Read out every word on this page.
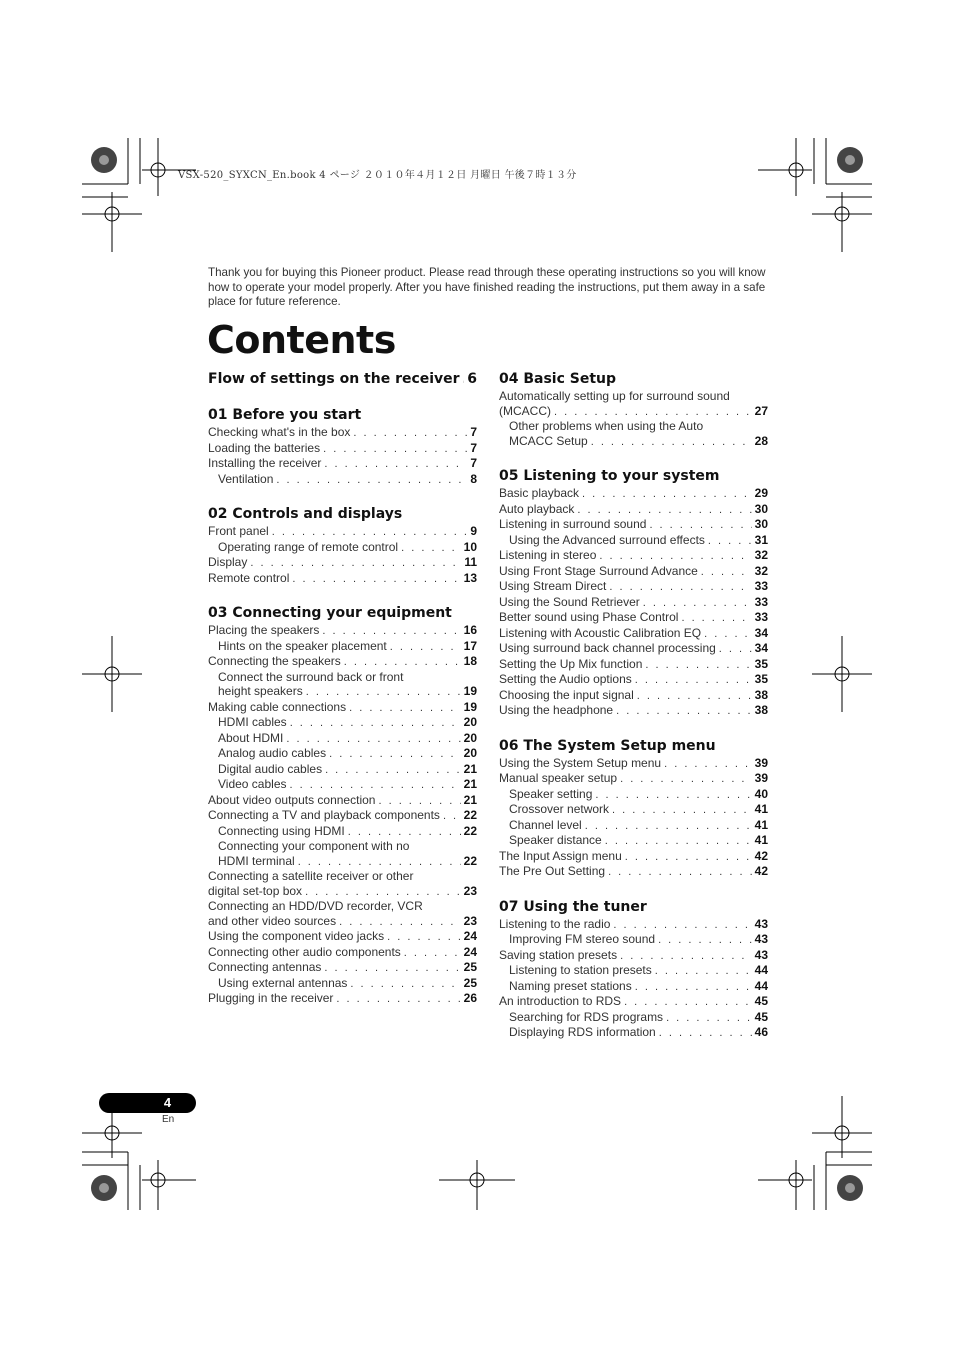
VSX-520_SYXCN_En.book 4 ページ ２０１０年４月１２日 月曜日 午後７時１３分

Thank you for buying this Pioneer product. Please read through these operating instructions so you will know how to operate your model properly. After you have finished reading the instructions, put them away in a safe place for future reference.

Contents
Flow of settings on the receiver . . . 6
01 Before you start
Checking what's in the box . . .	7
Loading the batteries . . .	7
Installing the receiver . . .	7
Ventilation . . .	8
02 Controls and displays
Front panel . . .	9
Operating range of remote control . . .	10
Display . . .	11
Remote control . . .	13
03 Connecting your equipment
Placing the speakers . . .	16
Hints on the speaker placement . . .	17
Connecting the speakers . . .	18
Connect the surround back or front
height speakers . . .	19
Making cable connections . . .	19
HDMI cables . . .	20
About HDMI . . .	20
Analog audio cables . . .	20
Digital audio cables . . .	21
Video cables . . .	21
About video outputs connection . . .	21
Connecting a TV and playback components . . . 22
Connecting using HDMI . . .	22
Connecting your component with no
HDMI terminal . . .	22
Connecting a satellite receiver or other
digital set-top box . . .	23
Connecting an HDD/DVD recorder, VCR
and other video sources . . .	23
Using the component video jacks . . .	24
Connecting other audio components . . .	24
Connecting antennas . . .	25
Using external antennas . . .	25
Plugging in the receiver . . .	26
04 Basic Setup
Automatically setting up for surround sound
(MCACC) . . .	27
Other problems when using the Auto
MCACC Setup . . .	28
05 Listening to your system
Basic playback . . .	29
Auto playback . . .	30
Listening in surround sound . . .	30
Using the Advanced surround effects . . .	31
Listening in stereo . . .	32
Using Front Stage Surround Advance . . .	32
Using Stream Direct . . .	33
Using the Sound Retriever . . .	33
Better sound using Phase Control . . .	33
Listening with Acoustic Calibration EQ . . .	34
Using surround back channel processing . . .	34
Setting the Up Mix function . . .	35
Setting the Audio options . . .	35
Choosing the input signal . . .	38
Using the headphone . . .	38
06 The System Setup menu
Using the System Setup menu . . .	39
Manual speaker setup . . .	39
Speaker setting . . .	40
Crossover network . . .	41
Channel level . . .	41
Speaker distance . . .	41
The Input Assign menu . . .	42
The Pre Out Setting . . .	42
07 Using the tuner
Listening to the radio . . .	43
Improving FM stereo sound . . .	43
Saving station presets . . .	43
Listening to station presets . . .	44
Naming preset stations . . .	44
An introduction to RDS . . .	45
Searching for RDS programs . . .	45
Displaying RDS information . . .	46
4
En
